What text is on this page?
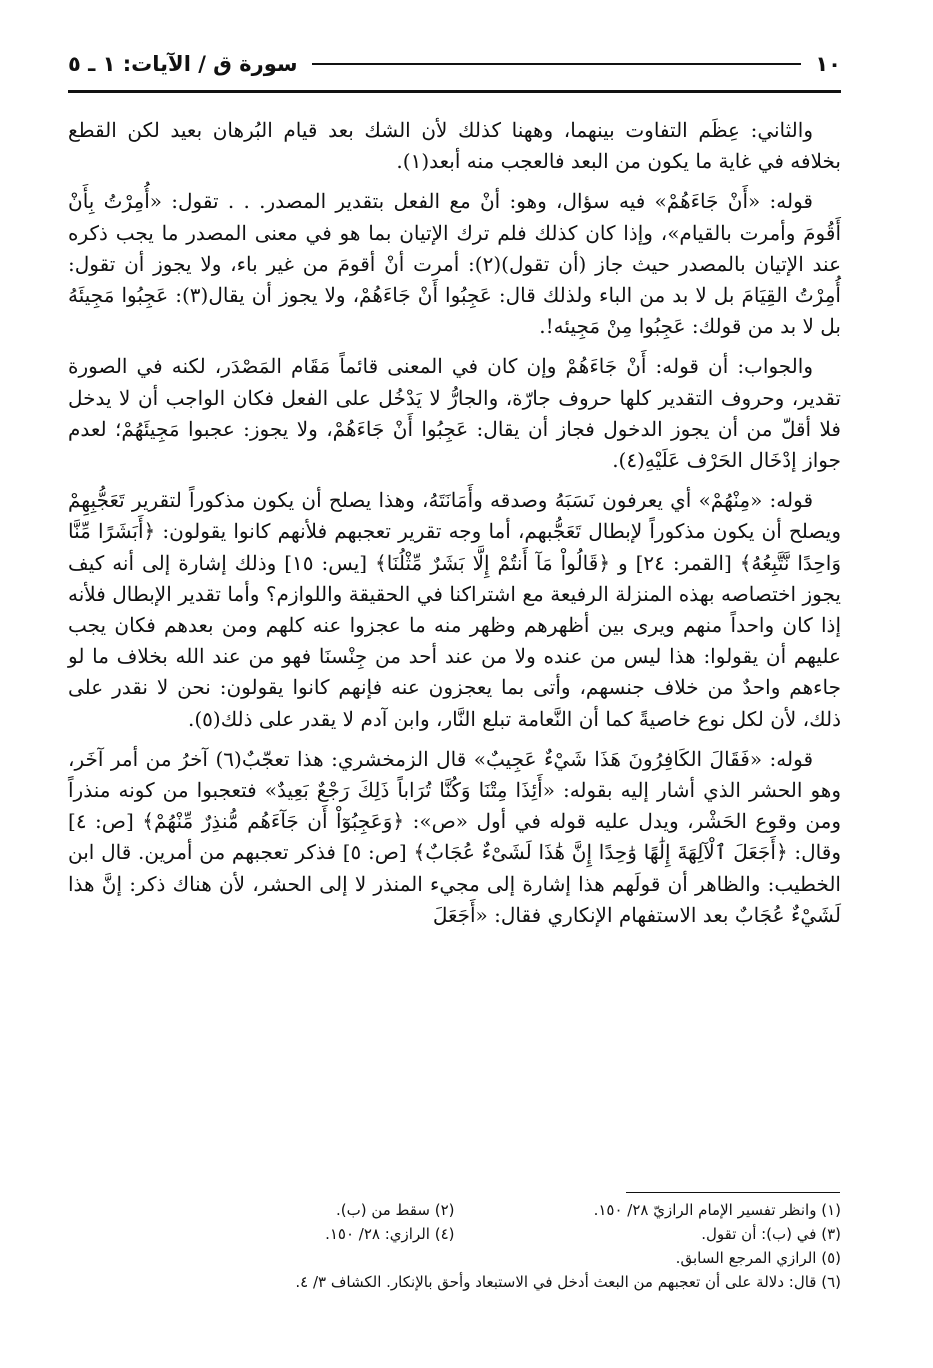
١٠
سورة ق / الآيات: ١ ـ ٥

والثاني: عِظَم التفاوت بينهما، وههنا كذلك لأن الشك بعد قيام البُرهان بعيد لكن القطع بخلافه في غاية ما يكون من البعد فالعجب منه أبعد(١).

قوله: «أَنْ جَاءَهُمْ» فيه سؤال، وهو: أنْ مع الفعل بتقدير المصدر. . . تقول: «أُمِرْتُ بِأَنْ أَقُومَ وأمرت بالقيام»، وإذا كان كذلك فلم ترك الإتيان بما هو في معنى المصدر ما يجب ذكره عند الإتيان بالمصدر حيث جاز (أن تقول)(٢): أمرت أنْ أقومَ من غير باء، ولا يجوز أن تقول: أُمِرْتُ القِيَامَ بل لا بد من الباء ولذلك قال: عَجِبُوا أَنْ جَاءَهُمْ، ولا يجوز أن يقال(٣): عَجِبُوا مَجِيئَهُ بل لا بد من قولك: عَجِبُوا مِنْ مَجِيئه!.

والجواب: أن قوله: أَنْ جَاءَهُمْ وإن كان في المعنى قائماً مَقَام المَصْدَر، لكنه في الصورة تقدير، وحروف التقدير كلها حروف جارّة، والجارُّ لا يَدْخُل على الفعل فكان الواجب أن لا يدخل فلا أقلّ من أن يجوز الدخول فجاز أن يقال: عَجِبُوا أَنْ جَاءَهُمْ، ولا يجوز: عجبوا مَجِيئَهُمْ؛ لعدم جواز إدْخَال الحَرْف عَلَيْهِ(٤).

قوله: «مِنْهُمْ» أي يعرفون نَسَبَهُ وصدقه وأَمَانَتَهُ، وهذا يصلح أن يكون مذكوراً لتقرير تَعَجُّبِهِمْ ويصلح أن يكون مذكوراً لإبطال تَعَجُّبهم، أما وجه تقرير تعجبهم فلأنهم كانوا يقولون: ﴿أَبَشَرًا مِّنَّا وَاحِدًا نَّتَّبِعُهُ﴾ [القمر: ٢٤] و ﴿قَالُواْ مَآ أَنتُمْ إِلَّا بَشَرٌ مِّثْلُنَا﴾ [يس: ١٥] وذلك إشارة إلى أنه كيف يجوز اختصاصه بهذه المنزلة الرفيعة مع اشتراكنا في الحقيقة واللوازم؟ وأما تقدير الإبطال فلأنه إذا كان واحداً منهم ويرى بين أظهرهم وظهر منه ما عجزوا عنه كلهم ومن بعدهم فكان يجب عليهم أن يقولوا: هذا ليس من عنده ولا من عند أحد من جِنْسنَا فهو من عند الله بخلاف ما لو جاءهم واحدٌ من خلاف جنسهم، وأتى بما يعجزون عنه فإنهم كانوا يقولون: نحن لا نقدر على ذلك، لأن لكل نوع خاصيةً كما أن النَّعامة تبلع النَّار، وابن آدم لا يقدر على ذلك(٥).

قوله: «فَقَالَ الكَافِرُونَ هَذَا شَيْءٌ عَجِيبٌ» قال الزمخشري: هذا تعجّبٌ(٦) آخرُ من أمر آخَر، وهو الحشر الذي أشار إليه بقوله: «أَئِذَا مِتْنَا وَكُنَّا تُرَاباً ذَلِكَ رَجْعٌ بَعِيدٌ» فتعجبوا من كونه منذراً ومن وقوع الحَشْر، ويدل عليه قوله في أول «ص»: ﴿وَعَجِبُوٓاْ أَن جَآءَهُم مُّنذِرٌ مِّنْهُمْ﴾ [ص: ٤] وقال: ﴿أَجَعَلَ ٱلْآلِهَةَ إِلَٰهًا وَٰحِدًا إِنَّ هَٰذَا لَشَىْءٌ عُجَابٌ﴾ [ص: ٥] فذكر تعجبهم من أمرين. قال ابن الخطيب: والظاهر أن قولَهم هذا إشارة إلى مجيء المنذر لا إلى الحشر، لأن هناك ذكر: إنَّ هذا لَشَيْءٌ عُجَابٌ بعد الاستفهام الإنكاري فقال: «أَجَعَلَ

(١) وانظر تفسير الإمام الرازيّ ٢٨/ ١٥٠.
(٢) سقط من (ب).
(٣) في (ب): أن تقول.
(٤) الرازي: ٢٨/ ١٥٠.
(٥) الرازي المرجع السابق.
(٦) قال: دلالة على أن تعجبهم من البعث أدخل في الاستبعاد وأحق بالإنكار. الكشاف ٣/ ٤.
